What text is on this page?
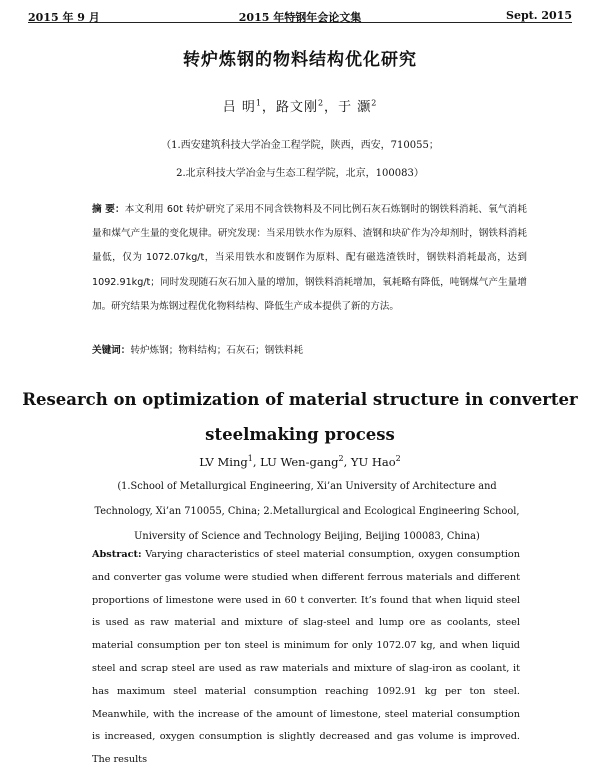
2015 年 9 月	2015 年特钢年会论文集	Sept. 2015
转炉炼钢的物料结构优化研究
吕 明$^1$，路文刚$^2$，于 灏$^2$
（1.西安建筑科技大学冶金工程学院，陕西，西安，710055；
2.北京科技大学冶金与生态工程学院，北京，100083）
摘 要：本文利用 60t 转炉研究了采用不同含铁物料及不同比例石灰石炼钢时的钢铁料消耗、氧气消耗量和煤气产生量的变化规律。研究发现：当采用铁水作为原料、渣钢和块矿作为冷却剂时，钢铁料消耗量低，仅为 1072.07kg/t，当采用铁水和废钢作为原料、配有磁选渣铁时，钢铁料消耗最高，达到 1092.91kg/t；同时发现随石灰石加入量的增加，钢铁料消耗增加，氧耗略有降低，吨钢煤气产生量增加。研究结果为炼钢过程优化物料结构、降低生产成本提供了新的方法。
关键词：转炉炼钢；物料结构；石灰石；钢铁料耗
Research on optimization of material structure in converter
steelmaking process
LV Ming$^1$, LU Wen-gang$^2$, YU Hao$^2$
(1.School of Metallurgical Engineering, Xi’an University of Architecture and Technology, Xi’an 710055, China; 2.Metallurgical and Ecological Engineering School, University of Science and Technology Beijing, Beijing 100083, China)
Abstract: Varying characteristics of steel material consumption, oxygen consumption and converter gas volume were studied when different ferrous materials and different proportions of limestone were used in 60 t converter. It’s found that when liquid steel is used as raw material and mixture of slag-steel and lump ore as coolants, steel material consumption per ton steel is minimum for only 1072.07 kg, and when liquid steel and scrap steel are used as raw materials and mixture of slag-iron as coolant, it has maximum steel material consumption reaching 1092.91 kg per ton steel. Meanwhile, with the increase of the amount of limestone, steel material consumption is increased, oxygen consumption is slightly decreased and gas volume is improved. The results
